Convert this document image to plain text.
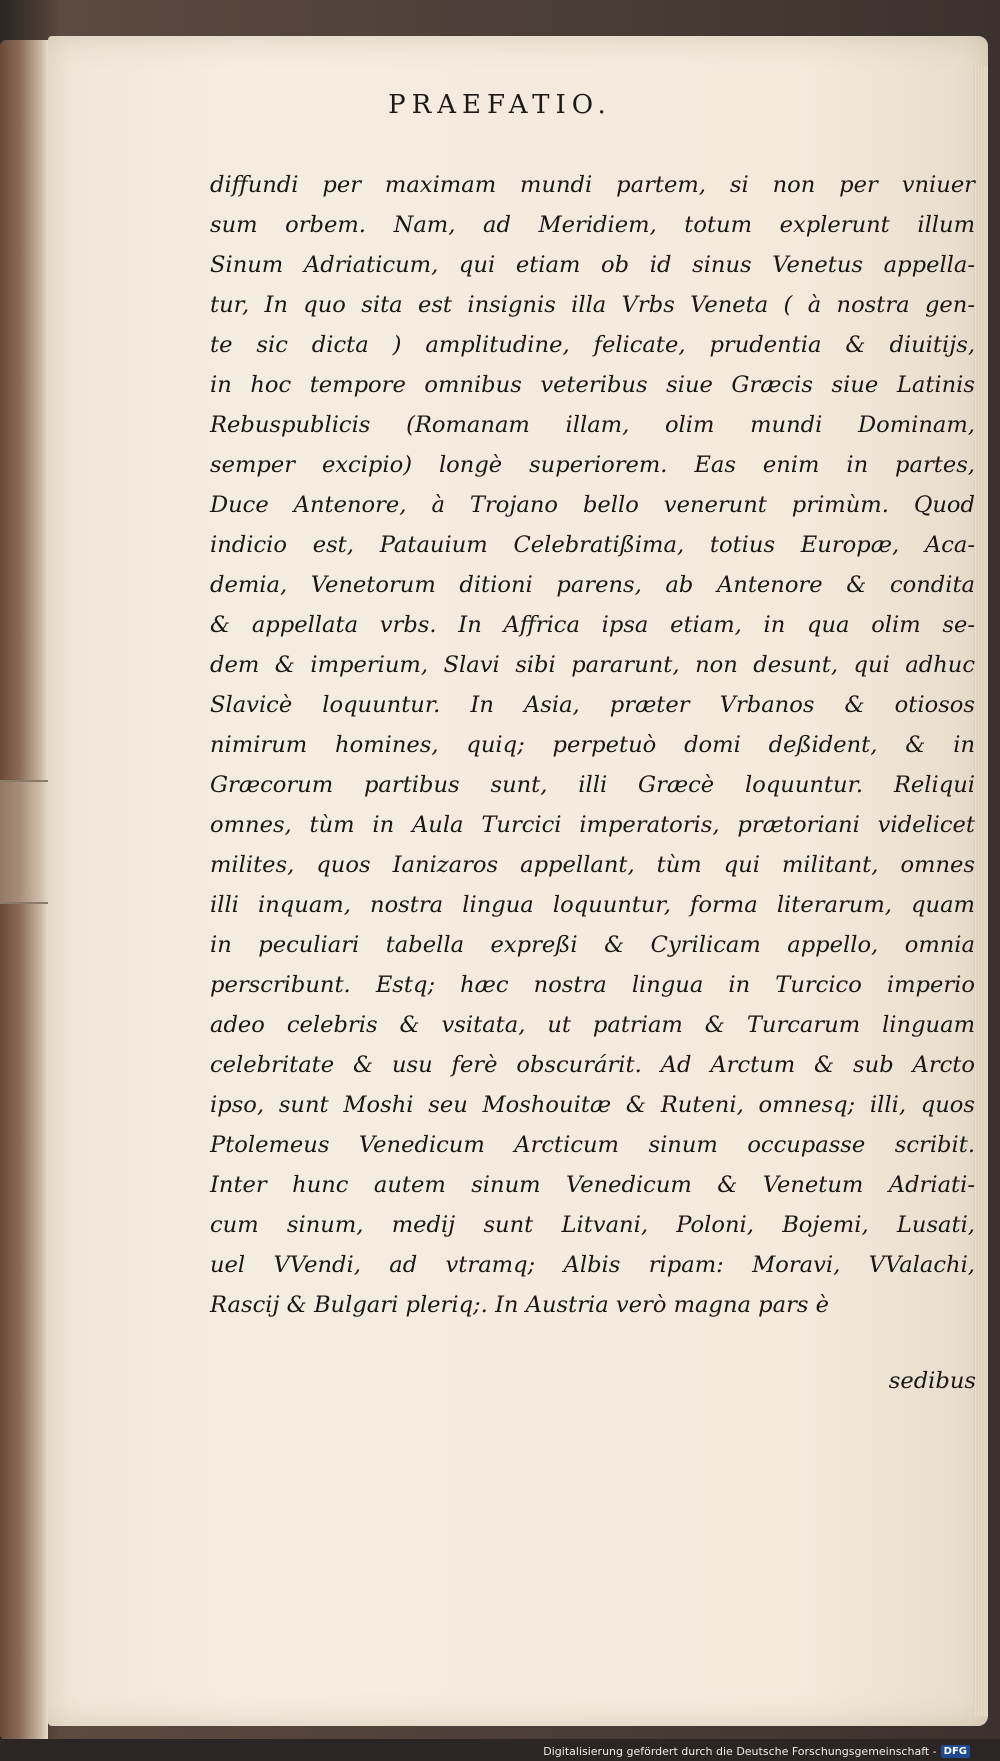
PRAEFATIO.
diffundi per maximam mundi partem, si non per vniuer
sum orbem. Nam, ad Meridiem, totum explerunt illum
Sinum Adriaticum, qui etiam ob id sinus Venetus appella-
tur, In quo sita est insignis illa Vrbs Veneta ( à nostra gen-
te sic dicta ) amplitudine, felicate, prudentia & diuitijs,
in hoc tempore omnibus veteribus siue Græcis siue Latinis
Rebuspublicis (Romanam illam, olim mundi Dominam,
semper excipio) longè superiorem. Eas enim in partes,
Duce Antenore, à Trojano bello venerunt primùm. Quod
indicio est, Patauium Celebratißima, totius Europæ, Aca-
demia, Venetorum ditioni parens, ab Antenore & condita
& appellata vrbs. In Affrica ipsa etiam, in qua olim se-
dem & imperium, Slavi sibi pararunt, non desunt, qui adhuc
Slavicè loquuntur. In Asia, præter Vrbanos & otiosos
nimirum homines, quiq; perpetuò domi deßident, & in
Græcorum partibus sunt, illi Græcè loquuntur. Reliqui
omnes, tùm in Aula Turcici imperatoris, prætoriani videlicet
milites, quos Ianizaros appellant, tùm qui militant, omnes
illi inquam, nostra lingua loquuntur, forma literarum, quam
in peculiari tabella expreßi & Cyrilicam appello, omnia
perscribunt. Estq; hæc nostra lingua in Turcico imperio
adeo celebris & vsitata, ut patriam & Turcarum linguam
celebritate & usu ferè obscurárit. Ad Arctum & sub Arcto
ipso, sunt Moshi seu Moshouitæ & Ruteni, omnesq; illi, quos
Ptolemeus Venedicum Arcticum sinum occupasse scribit.
Inter hunc autem sinum Venedicum & Venetum Adriati-
cum sinum, medij sunt Litvani, Poloni, Bojemi, Lusati,
uel VVendi, ad vtramq; Albis ripam: Moravi, VValachi,
Rascij & Bulgari pleriq;. In Austria verò magna pars è
sedibus
Digitalisierung gefördert durch die Deutsche Forschungsgemeinschaft - DFG
